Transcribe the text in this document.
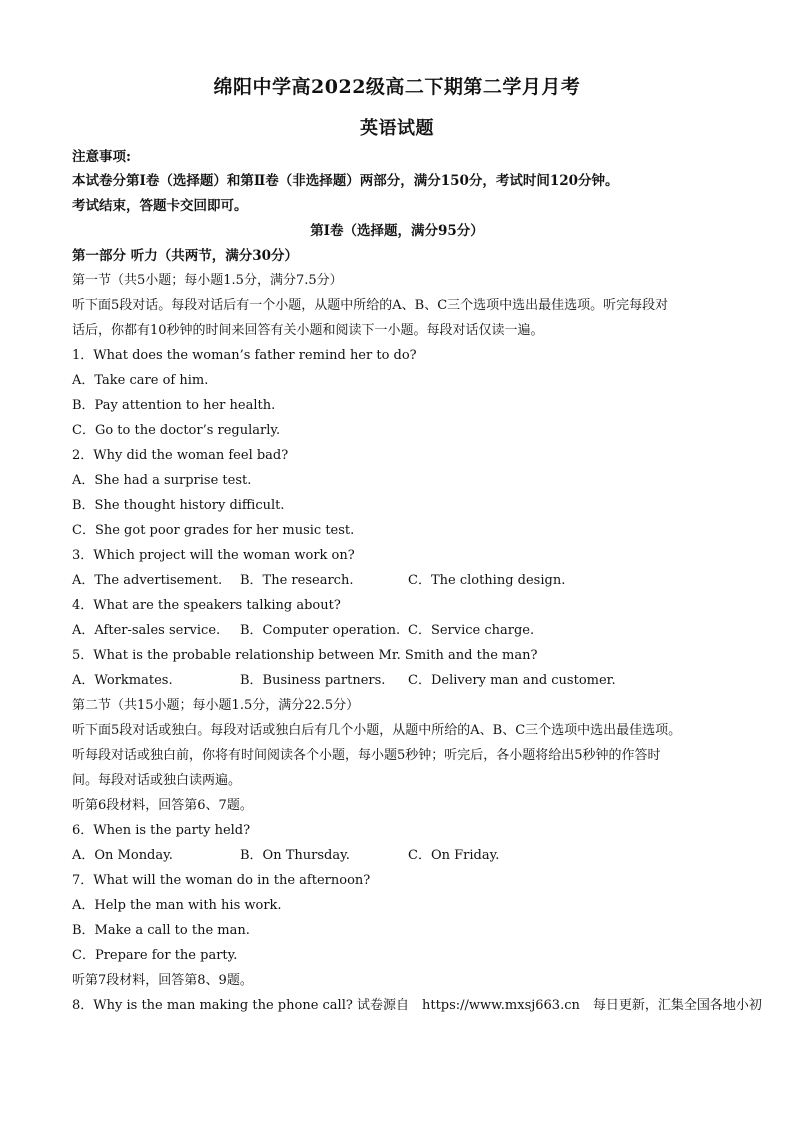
绵阳中学高2022级高二下期第二学月月考
英语试题
注意事项:
本试卷分第Ⅰ卷（选择题）和第Ⅱ卷（非选择题）两部分，满分150分，考试时间120分钟。
考试结束，答题卡交回即可。
第Ⅰ卷（选择题，满分95分）
第一部分 听力（共两节，满分30分）
第一节（共5小题；每小题1.5分，满分7.5分）
听下面5段对话。每段对话后有一个小题，从题中所给的A、B、C三个选项中选出最佳选项。听完每段对
话后，你都有10秒钟的时间来回答有关小题和阅读下一小题。每段对话仅读一遍。
1．What does the woman’s father remind her to do?
A．Take care of him.
B．Pay attention to her health.
C．Go to the doctor’s regularly.
2．Why did the woman feel bad?
A．She had a surprise test.
B．She thought history difficult.
C．She got poor grades for her music test.
3．Which project will the woman work on?
A．The advertisement. B．The research.	C．The clothing design.
4．What are the speakers talking about?
A．After-sales service. B．Computer operation. C．Service charge.
5．What is the probable relationship between Mr. Smith and the man?
A．Workmates.	B．Business partners. C．Delivery man and customer.
第二节（共15小题；每小题1.5分，满分22.5分）
听下面5段对话或独白。每段对话或独白后有几个小题，从题中所给的A、B、C三个选项中选出最佳选项。
听每段对话或独白前，你将有时间阅读各个小题，每小题5秒钟；听完后，各小题将给出5秒钟的作答时
间。每段对话或独白读两遍。
听第6段材料，回答第6、7题。
6．When is the party held?
A．On Monday.	B．On Thursday.	C．On Friday.
7．What will the woman do in the afternoon?
A．Help the man with his work.
B．Make a call to the man.
C．Prepare for the party.
听第7段材料，回答第8、9题。
8．Why is the man making the phone call? 试卷源自　https://www.mxsj663.cn　每日更新，汇集全国各地小初
